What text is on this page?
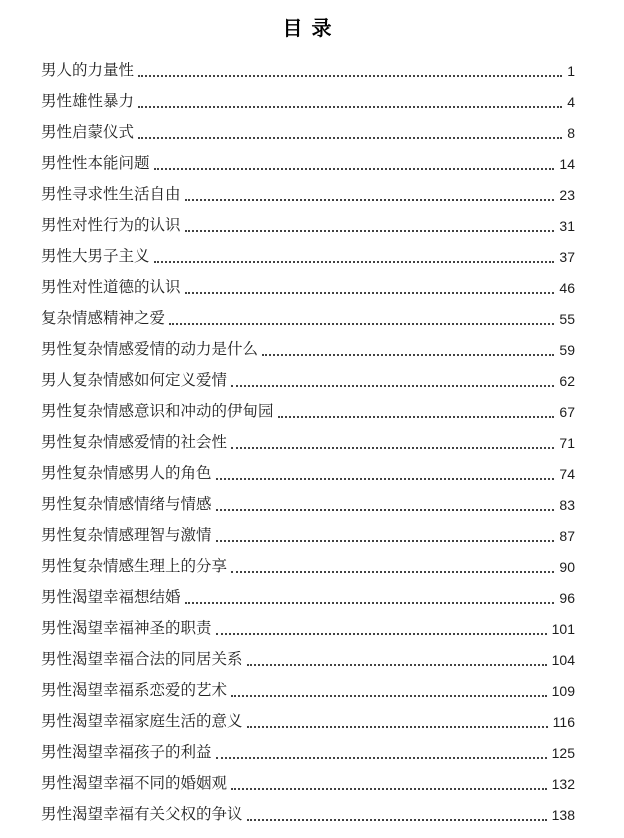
目 录
男人的力量性	1
男性雄性暴力	4
男性启蒙仪式	8
男性性本能问题	14
男性寻求性生活自由	23
男性对性行为的认识	31
男性大男子主义	37
男性对性道德的认识	46
复杂情感精神之爱	55
男性复杂情感爱情的动力是什么	59
男人复杂情感如何定义爱情	62
男性复杂情感意识和冲动的伊甸园	67
男性复杂情感爱情的社会性	71
男性复杂情感男人的角色	74
男性复杂情感情绪与情感	83
男性复杂情感理智与激情	87
男性复杂情感生理上的分享	90
男性渴望幸福想结婚	96
男性渴望幸福神圣的职责	101
男性渴望幸福合法的同居关系	104
男性渴望幸福系恋爱的艺术	109
男性渴望幸福家庭生活的意义	116
男性渴望幸福孩子的利益	125
男性渴望幸福不同的婚姻观	132
男性渴望幸福有关父权的争议	138
